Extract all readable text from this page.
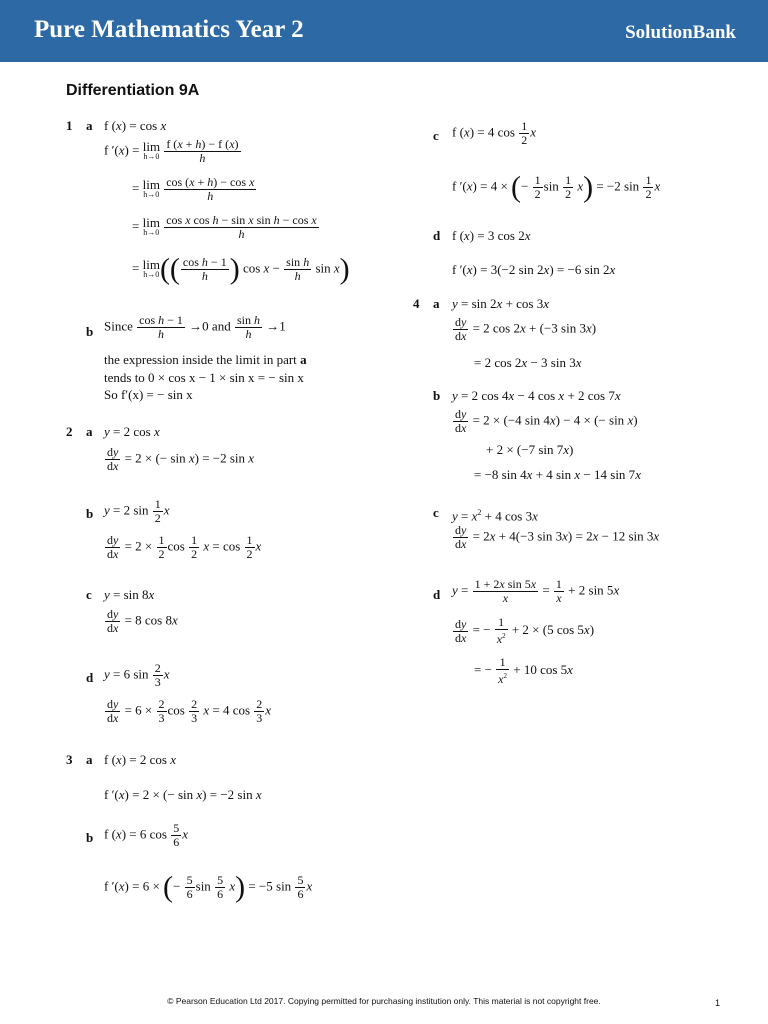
Pure Mathematics Year 2	SolutionBank
Differentiation 9A
1 a f (x) = cos x
f ′(x) = lim
h→0
$\frac{f (x + h) - f (x)}{h}$
= lim
h→0
$\frac{\text{cos (x + h) − cos x}}{h}$
= lim
h→0
$\frac{\text{cos x cos h − sin x sin h − cos x}}{h}$
= lim
h→0 (( $\frac{\text{cos h − 1}}{h}$ ) $\cos x - \frac{\text{sin h}}{h}$ sin x)
b Since $\frac{\text{cos h − 1}}{h} \to 0$ and $\frac{\text{sin h}}{h} \to 1$
the expression inside the limit in part a
tends to 0 × cos x − 1 × sin x = − sin x
So f′(x) = − sin x
2 a y = 2 cos x
$\frac{dy}{dx} = 2$ × (− sin x) = −2 sin x
b y = 2 $\sin \frac{1}{2}$ x
$\frac{dy}{dx} = 2 \times \frac{1}{2}$ $\cos \frac{1}{2}$ $x = \cos \frac{1}{2}$ x
c y = sin 8x
$\frac{dy}{dx} = 8$ cos 8x
d y = 6 $\sin \frac{2}{3}$ x
$\frac{dy}{dx} = 6 \times \frac{2}{3}$ $\cos \frac{2}{3}$ x = 4 $\cos \frac{2}{3}$ x
3 a f (x) = 2 cos x
f ′(x) = 2 × (− sin x) = −2 sin x
b f (x) = 6 $\cos \frac{5}{6}$ x
f ′(x) = 6 × (− $\frac{5}{6}$ $\sin \frac{5}{6} x) = -5$ $\sin \frac{5}{6}$ x
c f (x) = 4 $\cos \frac{1}{2}$ x
f ′(x) = 4 × (− $\frac{1}{2}$ $\sin \frac{1}{2} x) = -2$ $\sin \frac{1}{2}$ x
d f (x) = 3 cos 2x
f ′(x) = 3(−2 sin 2x) = −6 sin 2x
4 a y = sin 2x + cos 3x
$\frac{dy}{dx} = 2$ cos 2x + (−3 sin 3x)
= 2 cos 2x − 3 sin 3x
b y = 2 cos 4x − 4 cos x + 2 cos 7x
$\frac{dy}{dx} = 2 \times (-4$ sin 4x) − 4 × (− sin x)
+ 2 × (−7 sin 7x)
= −8 sin 4x + 4 sin x − 14 sin 7x
c $y = x^2 + 4$ cos 3x
$\frac{dy}{dx} = 2x + 4(-3$ sin 3x) = 2x − 12 sin 3x
d $y = \frac{\text{1 + 2x sin 5x}}{x} = \frac{1}{x} + 2$ sin 5x
$\frac{dy}{dx}$ = − $\frac{1}{x^2} + 2 \times (5$ cos 5x)
= − $\frac{1}{x^2} + 10$ cos 5x
© Pearson Education Ltd 2017. Copying permitted for purchasing institution only. This material is not copyright free.	1
